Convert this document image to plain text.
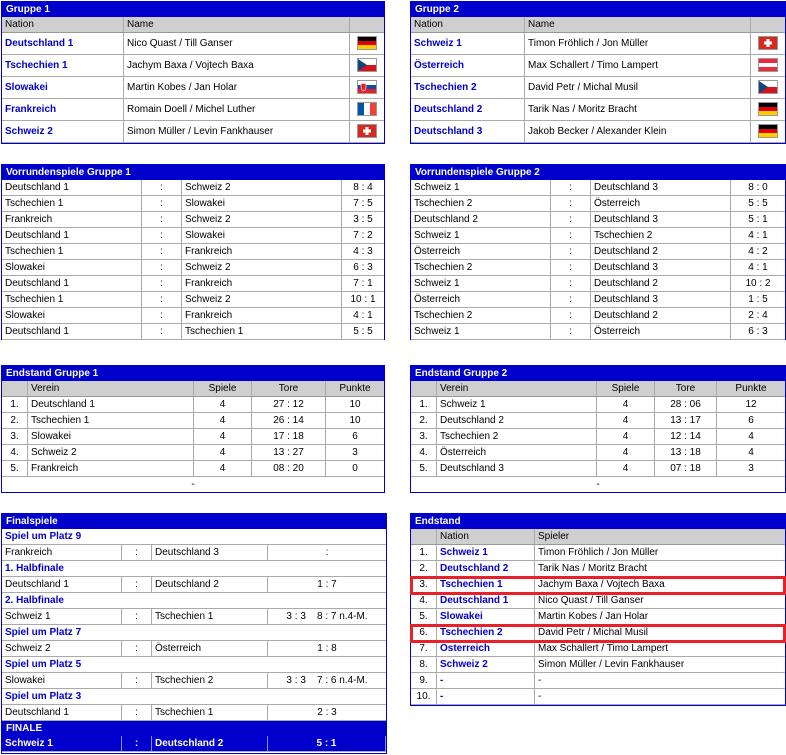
Gruppe 1
Nation	Name
Deutschland 1	Nico Quast / Till Ganser
Tschechien 1	Jachym Baxa / Vojtech Baxa
Slowakei	Martin Kobes / Jan Holar
Frankreich	Romain Doell / Michel Luther
Schweiz 2	Simon Müller / Levin Fankhauser
Gruppe 2
Nation	Name
Schweiz 1	Timon Fröhlich / Jon Müller
Österreich	Max Schallert / Timo Lampert
Tschechien 2	David Petr / Michal Musil
Deutschland 2	Tarik Nas / Moritz Bracht
Deutschland 3	Jakob Becker / Alexander Klein
Vorrundenspiele Gruppe 1
Deutschland 1	:	Schweiz 2	8 : 4
Tschechien 1	:	Slowakei	7 : 5
Frankreich	:	Schweiz 2	3 : 5
Deutschland 1	:	Slowakei	7 : 2
Tschechien 1	:	Frankreich	4 : 3
Slowakei	:	Schweiz 2	6 : 3
Deutschland 1	:	Frankreich	7 : 1
Tschechien 1	:	Schweiz 2	10 : 1
Slowakei	:	Frankreich	4 : 1
Deutschland 1	:	Tschechien 1	5 : 5
Vorrundenspiele Gruppe 2
Schweiz 1	:	Deutschland 3	8 : 0
Tschechien 2	:	Österreich	5 : 5
Deutschland 2	:	Deutschland 3	5 : 1
Schweiz 1	:	Tschechien 2	4 : 1
Österreich	:	Deutschland 2	4 : 2
Tschechien 2	:	Deutschland 3	4 : 1
Schweiz 1	:	Deutschland 2	10 : 2
Österreich	:	Deutschland 3	1 : 5
Tschechien 2	:	Deutschland 2	2 : 4
Schweiz 1	:	Österreich	6 : 3
Endstand Gruppe 1
Verein	Spiele	Tore	Punkte
1.	Deutschland 1	4	27 : 12	10
2.	Tschechien 1	4	26 : 14	10
3.	Slowakei	4	17 : 18	6
4.	Schweiz 2	4	13 : 27	3
5.	Frankreich	4	08 : 20	0
-
Endstand Gruppe 2
Verein	Spiele	Tore	Punkte
1.	Schweiz 1	4	28 : 06	12
2.	Deutschland 2	4	13 : 17	6
3.	Tschechien 2	4	12 : 14	4
4.	Österreich	4	13 : 18	4
5.	Deutschland 3	4	07 : 18	3
-
Finalspiele
Spiel um Platz 9
Frankreich	:	Deutschland 3	:
1. Halbfinale
Deutschland 1	:	Deutschland 2	1 : 7
2. Halbfinale
Schweiz 1	:	Tschechien 1	3 : 3    8 : 7 n.4-M.
Spiel um Platz 7
Schweiz 2	:	Österreich	1 : 8
Spiel um Platz 5
Slowakei	:	Tschechien 2	3 : 3    7 : 6 n.4-M.
Spiel um Platz 3
Deutschland 1	:	Tschechien 1	2 : 3
FINALE
Schweiz 1	:	Deutschland 2	5 : 1
Endstand
Nation	Spieler
1.	Schweiz 1	Timon Fröhlich / Jon Müller
2.	Deutschland 2	Tarik Nas / Moritz Bracht
3.	Tschechien 1	Jachym Baxa / Vojtech Baxa
4.	Deutschland 1	Nico Quast / Till Ganser
5.	Slowakei	Martin Kobes / Jan Holar
6.	Tschechien 2	David Petr / Michal Musil
7.	Österreich	Max Schallert / Timo Lampert
8.	Schweiz 2	Simon Müller / Levin Fankhauser
9.	-	-
10. -	-
